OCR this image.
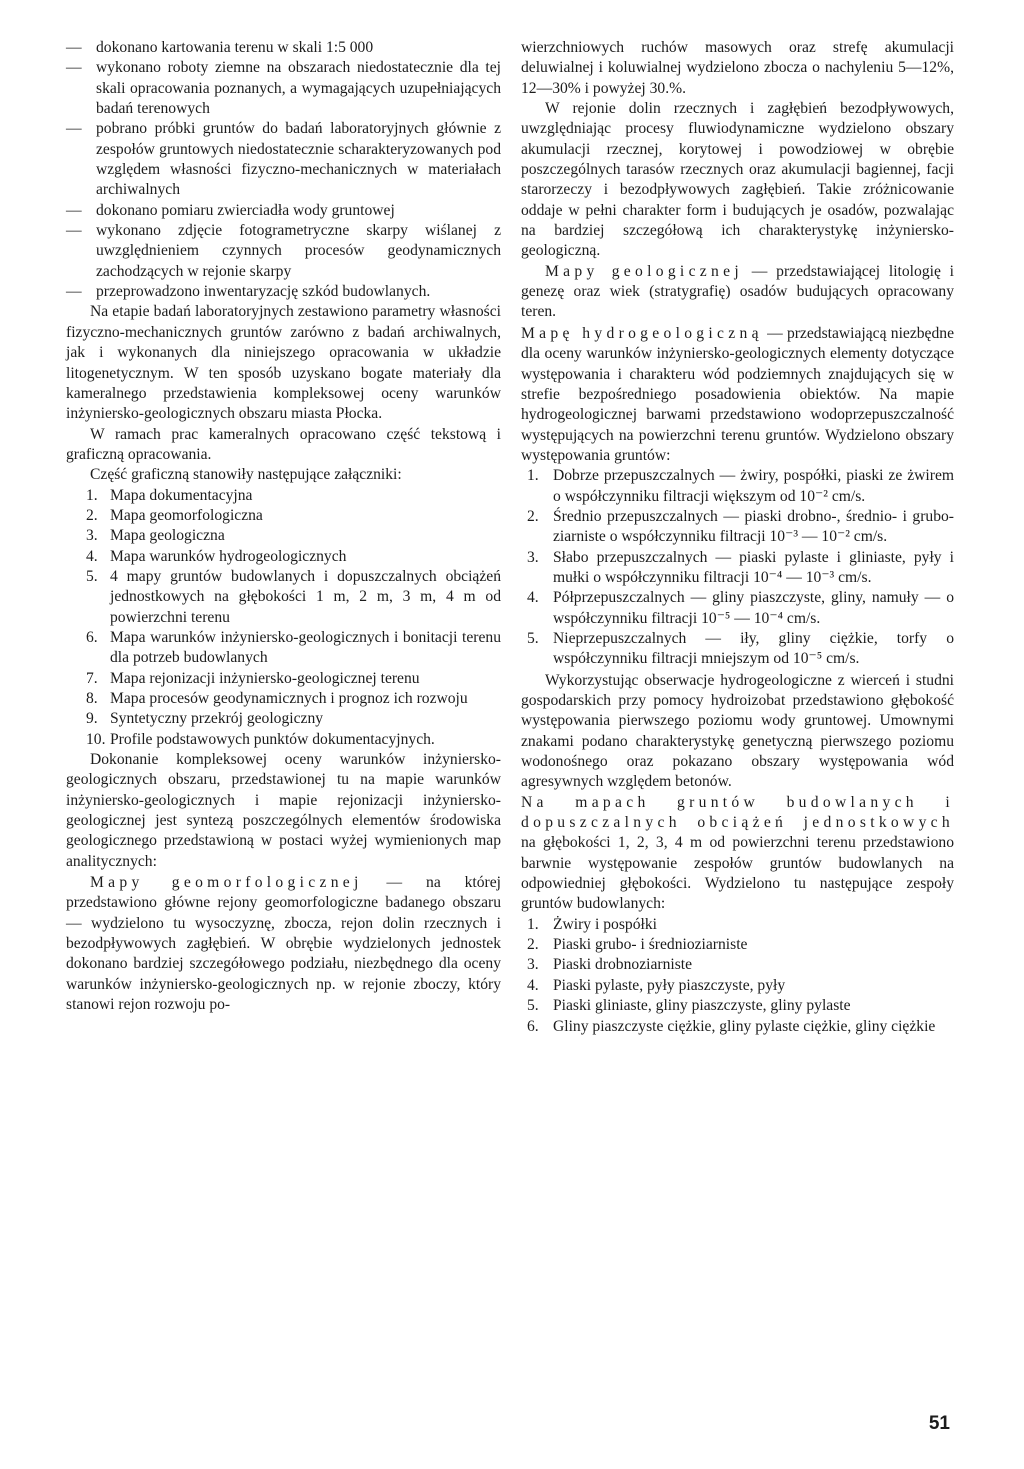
— dokonano kartowania terenu w skali 1:5 000
— wykonano roboty ziemne na obszarach niedostatecznie dla tej skali opracowania poznanych, a wymagających uzupełniających badań terenowych
— pobrano próbki gruntów do badań laboratoryjnych głównie z zespołów gruntowych niedostatecznie scharakteryzowanych pod względem własności fizyczno-mechanicznych w materiałach archiwalnych
— dokonano pomiaru zwierciadła wody gruntowej
— wykonano zdjęcie fotogrametryczne skarpy wiślanej z uwzględnieniem czynnych procesów geodynamicznych zachodzących w rejonie skarpy
— przeprowadzono inwentaryzację szkód budowlanych.

Na etapie badań laboratoryjnych zestawiono parametry własności fizyczno-mechanicznych gruntów zarówno z badań archiwalnych, jak i wykonanych dla niniejszego opracowania w układzie litogenetycznym. W ten sposób uzyskano bogate materiały dla kameralnego przedstawienia kompleksowej oceny warunków inżyniersko-geologicznych obszaru miasta Płocka.

W ramach prac kameralnych opracowano część tekstową i graficzną opracowania.

Część graficzną stanowiły następujące załączniki:

1. Mapa dokumentacyjna
2. Mapa geomorfologiczna
3. Mapa geologiczna
4. Mapa warunków hydrogeologicznych
5. 4 mapy gruntów budowlanych i dopuszczalnych obciążeń jednostkowych na głębokości 1 m, 2 m, 3 m, 4 m od powierzchni terenu
6. Mapa warunków inżyniersko-geologicznych i bonitacji terenu dla potrzeb budowlanych
7. Mapa rejonizacji inżyniersko-geologicznej terenu
8. Mapa procesów geodynamicznych i prognoz ich rozwoju
9. Syntetyczny przekrój geologiczny
10. Profile podstawowych punktów dokumentacyjnych.

Dokonanie kompleksowej oceny warunków inżyniersko-geologicznych obszaru, przedstawionej tu na mapie warunków inżyniersko-geologicznych i mapie rejonizacji inżyniersko-geologicznej jest syntezą poszczególnych elementów środowiska geologicznego przedstawioną w postaci wyżej wymienionych map analitycznych:

Mapy geomorfologicznej — na której przedstawiono główne rejony geomorfologiczne badanego obszaru — wydzielono tu wysoczyznę, zbocza, rejon dolin rzecznych i bezodpływowych zagłębień. W obrębie wydzielonych jednostek dokonano bardziej szczegółowego podziału, niezbędnego dla oceny warunków inżyniersko-geologicznych np. w rejonie zboczy, który stanowi rejon rozwoju po-

wierzchniowych ruchów masowych oraz strefę akumulacji deluwialnej i koluwialnej wydzielono zbocza o nachyleniu 5—12%, 12—30% i powyżej 30.%.

W rejonie dolin rzecznych i zagłębień bezodpływowych, uwzględniając procesy fluwiodynamiczne wydzielono obszary akumulacji rzecznej, korytowej i powodziowej w obrębie poszczególnych tarasów rzecznych oraz akumulacji bagiennej, facji starorzeczy i bezodpływowych zagłębień. Takie zróżnicowanie oddaje w pełni charakter form i budujących je osadów, pozwalając na bardziej szczegółową ich charakterystykę inżyniersko-geologiczną.

Mapy geologicznej — przedstawiającej litologię i genezę oraz wiek (stratygrafię) osadów budujących opracowany teren.

Mapę hydrogeologiczną — przedstawiającą niezbędne dla oceny warunków inżyniersko-geologicznych elementy dotyczące występowania i charakteru wód podziemnych znajdujących się w strefie bezpośredniego posadowienia obiektów. Na mapie hydrogeologicznej barwami przedstawiono wodoprzepuszczalność występujących na powierzchni terenu gruntów. Wydzielono obszary występowania gruntów:

1. Dobrze przepuszczalnych — żwiry, pospółki, piaski ze żwirem o współczynniku filtracji większym od 10⁻² cm/s.
2. Średnio przepuszczalnych — piaski drobno-, średnio- i grubo-ziarniste o współczynniku filtracji 10⁻³ — 10⁻² cm/s.
3. Słabo przepuszczalnych — piaski pylaste i gliniaste, pyły i mułki o współczynniku filtracji 10⁻⁴ — 10⁻³ cm/s.
4. Półprzepuszczalnych — gliny piaszczyste, gliny, namuły — o współczynniku filtracji 10⁻⁵ — 10⁻⁴ cm/s.
5. Nieprzepuszczalnych — iły, gliny ciężkie, torfy o współczynniku filtracji mniejszym od 10⁻⁵ cm/s.

Wykorzystując obserwacje hydrogeologiczne z wierceń i studni gospodarskich przy pomocy hydroizobat przedstawiono głębokość występowania pierwszego poziomu wody gruntowej. Umownymi znakami podano charakterystykę genetyczną pierwszego poziomu wodonośnego oraz pokazano obszary występowania wód agresywnych względem betonów.

Na mapach gruntów budowlanych i dopuszczalnych obciążeń jednostkowych na głębokości 1, 2, 3, 4 m od powierzchni terenu przedstawiono barwnie występowanie zespołów gruntów budowlanych na odpowiedniej głębokości. Wydzielono tu następujące zespoły gruntów budowlanych:

1. Żwiry i pospółki
2. Piaski grubo- i średnioziarniste
3. Piaski drobnoziarniste
4. Piaski pylaste, pyły piaszczyste, pyły
5. Piaski gliniaste, gliny piaszczyste, gliny pylaste
6. Gliny piaszczyste ciężkie, gliny pylaste ciężkie, gliny ciężkie
51
